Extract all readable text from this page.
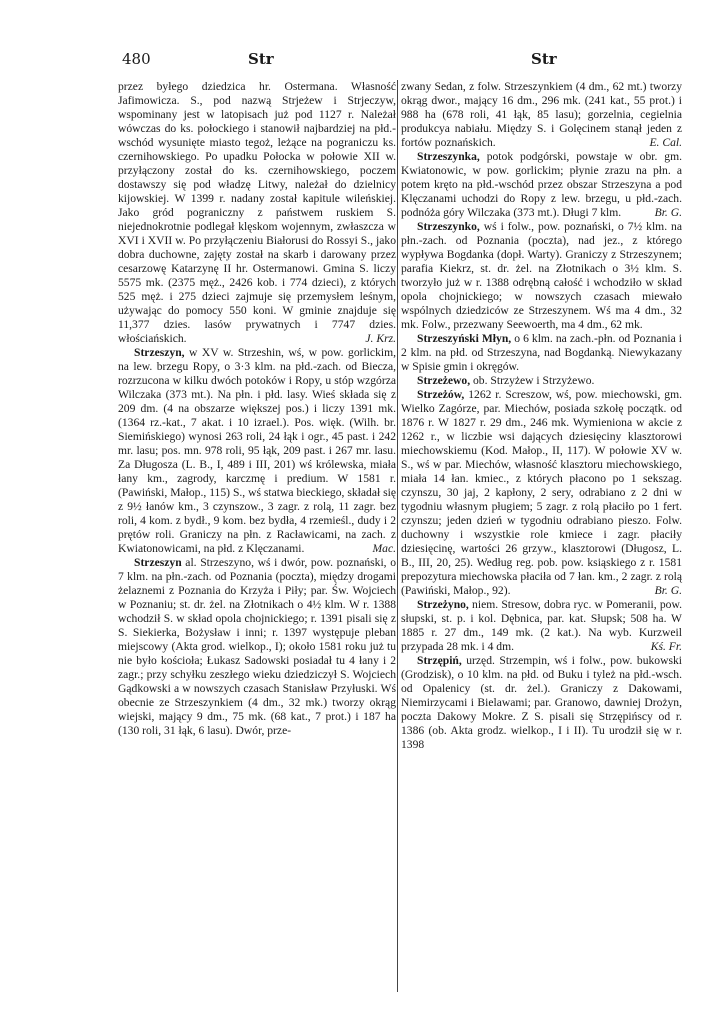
480	Str	Str

przez byłego dziedzica hr. Ostermana. Własność Jafimowicza. S., pod nazwą Strjeżew i Strjeczyw, wspominany jest w latopisach już pod 1127 r. Należał wówczas do ks. połockiego i stanowił najbardziej na płd.-wschód wysunięte miasto tegoż, leżące na pograniczu ks. czernihowskiego. Po upadku Połocka w połowie XII w. przyłączony został do ks. czernihowskiego, poczem dostawszy się pod władzę Litwy, należał do dzielnicy kijowskiej. W 1399 r. nadany został kapitule wileńskiej. Jako gród pograniczny z państwem ruskiem S. niejednokrotnie podlegał klęskom wojennym, zwłaszcza w XVI i XVII w. Po przyłączeniu Białorusi do Rossyi S., jako dobra duchowne, zajęty został na skarb i darowany przez cesarzowę Katarzynę II hr. Ostermanowi. Gmina S. liczy 5575 mk. (2375 męż., 2426 kob. i 774 dzieci), z których 525 męż. i 275 dzieci zajmuje się przemysłem leśnym, używając do pomocy 550 koni. W gminie znajduje się 11,377 dzies. lasów prywatnych i 7747 dzies. włościańskich.	J. Krz.

Strzeszyn, w XV w. Strzeshin, wś, w pow. gorlickim, na lew. brzegu Ropy, o 3·3 klm. na płd.-zach. od Biecza, rozrzucona w kilku dwóch potoków i Ropy, u stóp wzgórza Wilczaka (373 mt.). Na płn. i płd. lasy. Wieś składa się z 209 dm. (4 na obszarze większej pos.) i liczy 1391 mk. (1364 rz.-kat., 7 akat. i 10 izrael.). Pos. więk. (Wilh. br. Siemińskiego) wynosi 263 roli, 24 łąk i ogr., 45 past. i 242 mr. lasu; pos. mn. 978 roli, 95 łąk, 209 past. i 267 mr. lasu. Za Długosza (L. B., I, 489 i III, 201) wś królewska, miała łany km., zagrody, karczmę i predium. W 1581 r. (Pawiński, Małop., 115) S., wś statwa bieckiego, składał się z 9½ łanów km., 3 czynszow., 3 zagr. z rolą, 11 zagr. bez roli, 4 kom. z bydł., 9 kom. bez bydła, 4 rzemieśl., dudy i 2 prętów roli. Graniczy na płn. z Racławicami, na zach. z Kwiatonowicami, na płd. z Klęczanami.	Mac.

Strzeszyn al. Strzeszyno, wś i dwór, pow. poznański, o 7 klm. na płn.-zach. od Poznania (poczta), między drogami żelaznemi z Poznania do Krzyża i Piły; par. Św. Wojciech w Poznaniu; st. dr. żel. na Złotnikach o 4½ klm. W r. 1388 wchodził S. w skład opola chojnickiego; r. 1391 pisali się z S. Siekierka, Bożysław i inni; r. 1397 występuje pleban miejscowy (Akta grod. wielkop., I); około 1581 roku już tu nie było kościoła; Łukasz Sadowski posiadał tu 4 łany i 2 zagr.; przy schyłku zeszłego wieku dziedziczył S. Wojciech Gądkowski a w nowszych czasach Stanisław Przyłuski. Wś obecnie ze Strzeszynkiem (4 dm., 32 mk.) tworzy okrąg wiejski, mający 9 dm., 75 mk. (68 kat., 7 prot.) i 187 ha (130 roli, 31 łąk, 6 lasu). Dwór, prze-

zwany Sedan, z folw. Strzeszynkiem (4 dm., 62 mt.) tworzy okrąg dwor., mający 16 dm., 296 mk. (241 kat., 55 prot.) i 988 ha (678 roli, 41 łąk, 85 lasu); gorzelnia, cegielnia produkcya nabiału. Między S. i Golęcinem stanął jeden z fortów poznańskich.	E. Cal.

Strzeszynka, potok podgórski, powstaje w obr. gm. Kwiatonowic, w pow. gorlickim; płynie zrazu na płn. a potem kręto na płd.-wschód przez obszar Strzeszyna a pod Klęczanami uchodzi do Ropy z lew. brzegu, u płd.-zach. podnóża góry Wilczaka (373 mt.). Długi 7 klm.	Br. G.

Strzeszynko, wś i folw., pow. poznański, o 7½ klm. na płn.-zach. od Poznania (poczta), nad jez., z którego wypływa Bogdanka (dopł. Warty). Graniczy z Strzeszynem; parafia Kiekrz, st. dr. żel. na Złotnikach o 3½ klm. S. tworzyło już w r. 1388 odrębną całość i wchodziło w skład opola chojnickiego; w nowszych czasach miewało wspólnych dziedziców ze Strzeszynem. Wś ma 4 dm., 32 mk. Folw., przezwany Seewoerth, ma 4 dm., 62 mk.

Strzeszyński Młyn, o 6 klm. na zach.-płn. od Poznania i 2 klm. na płd. od Strzeszyna, nad Bogdanką. Niewykazany w Spisie gmin i okręgów.

Strzeżewo, ob. Strzyżew i Strzyżewo.

Strzeżów, 1262 r. Screszow, wś, pow. miechowski, gm. Wielko Zagórze, par. Miechów, posiada szkołę początk. od 1876 r. W 1827 r. 29 dm., 246 mk. Wymieniona w akcie z 1262 r., w liczbie wsi dających dziesięciny klasztorowi miechowskiemu (Kod. Małop., II, 117). W połowie XV w. S., wś w par. Miechów, własność klasztoru miechowskiego, miała 14 łan. kmiec., z których płacono po 1 sekszag. czynszu, 30 jaj, 2 kapłony, 2 sery, odrabiano z 2 dni w tygodniu własnym pługiem; 5 zagr. z rolą płaciło po 1 fert. czynszu; jeden dzień w tygodniu odrabiano pieszo. Folw. duchowny i wszystkie role kmiece i zagr. płaciły dziesięcinę, wartości 26 grzyw., klasztorowi (Długosz, L. B., III, 20, 25). Według reg. pob. pow. ksiąskiego z r. 1581 prepozytura miechowska płaciła od 7 łan. km., 2 zagr. z rolą (Pawiński, Małop., 92).	Br. G.

Strzeżyno, niem. Stresow, dobra ryc. w Pomeranii, pow. słupski, st. p. i kol. Dębnica, par. kat. Słupsk; 508 ha. W 1885 r. 27 dm., 149 mk. (2 kat.). Na wyb. Kurzweil przypada 28 mk. i 4 dm.	Kś. Fr.

Strzępiń, urzęd. Strzempin, wś i folw., pow. bukowski (Grodzisk), o 10 klm. na płd. od Buku i tyleż na płd.-wsch. od Opalenicy (st. dr. żel.). Graniczy z Dakowami, Niemirzycami i Bielawami; par. Granowo, dawniej Drożyn, poczta Dakowy Mokre. Z S. pisali się Strzępińscy od r. 1386 (ob. Akta grodz. wielkop., I i II). Tu urodził się w r. 1398
